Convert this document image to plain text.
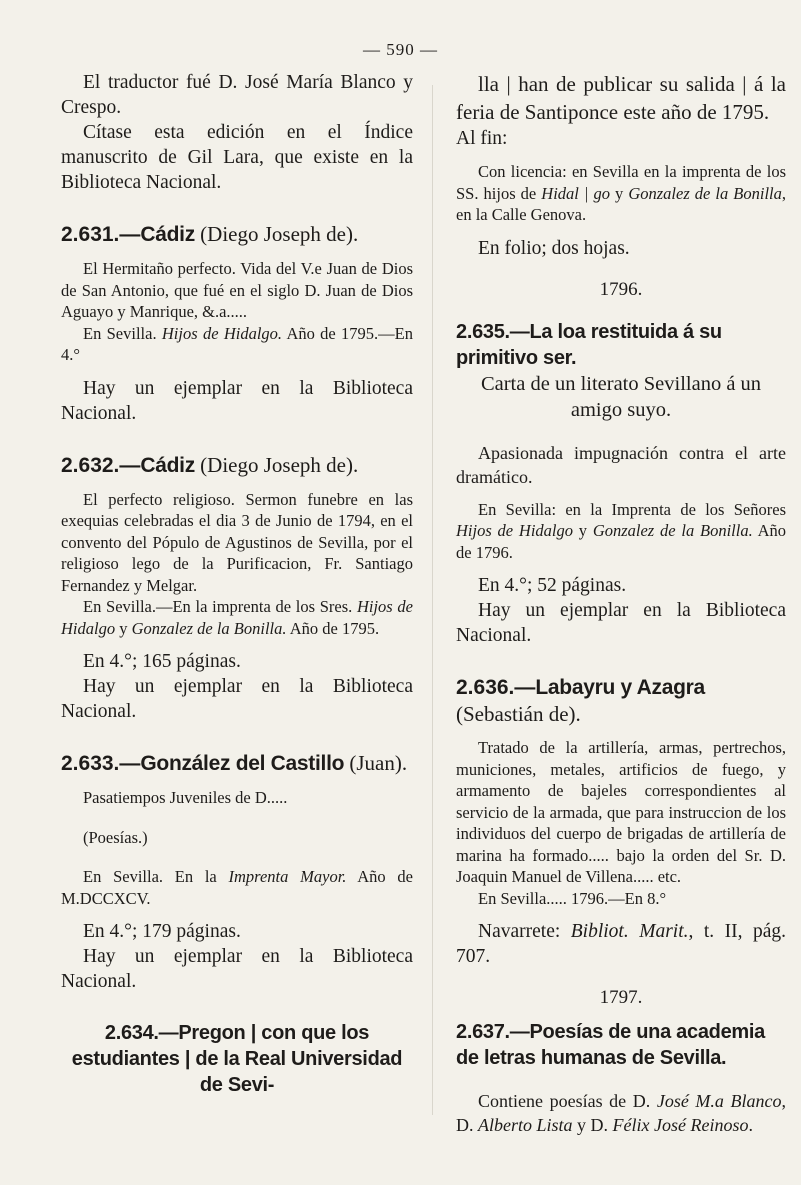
— 590 —

El traductor fué D. José María Blanco y Crespo.

Cítase esta edición en el Índice manuscrito de Gil Lara, que existe en la Biblioteca Nacional.

2.631.—Cádiz (Diego Joseph de).

El Hermitaño perfecto. Vida del V.e Juan de Dios de San Antonio, que fué en el siglo D. Juan de Dios Aguayo y Manrique, &.a.....

En Sevilla. Hijos de Hidalgo. Año de 1795.—En 4.°

Hay un ejemplar en la Biblioteca Nacional.

2.632.—Cádiz (Diego Joseph de).

El perfecto religioso. Sermon funebre en las exequias celebradas el dia 3 de Junio de 1794, en el convento del Pópulo de Agustinos de Sevilla, por el religioso lego de la Purificacion, Fr. Santiago Fernandez y Melgar.

En Sevilla.—En la imprenta de los Sres. Hijos de Hidalgo y Gonzalez de la Bonilla. Año de 1795.

En 4.°; 165 páginas.

Hay un ejemplar en la Biblioteca Nacional.

2.633.—González del Castillo (Juan).

Pasatiempos Juveniles de D.....

(Poesías.)

En Sevilla. En la Imprenta Mayor. Año de M.DCCXCV.

En 4.°; 179 páginas.

Hay un ejemplar en la Biblioteca Nacional.

2.634.—Pregon | con que los estudiantes | de la Real Universidad de Sevi-

lla | han de publicar su salida | á la feria de Santiponce este año de 1795.

Al fin:

Con licencia: en Sevilla en la imprenta de los SS. hijos de Hidal | go y Gonzalez de la Bonilla, en la Calle Genova.

En folio; dos hojas.

1796.

2.635.—La loa restituida á su primitivo ser.

Carta de un literato Sevillano á un amigo suyo.

Apasionada impugnación contra el arte dramático.

En Sevilla: en la Imprenta de los Señores Hijos de Hidalgo y Gonzalez de la Bonilla. Año de 1796.

En 4.°; 52 páginas.

Hay un ejemplar en la Biblioteca Nacional.

2.636.—Labayru y Azagra (Sebastián de).

Tratado de la artillería, armas, pertrechos, municiones, metales, artificios de fuego, y armamento de bajeles correspondientes al servicio de la armada, que para instruccion de los individuos del cuerpo de brigadas de artillería de marina ha formado..... bajo la orden del Sr. D. Joaquin Manuel de Villena..... etc.

En Sevilla..... 1796.—En 8.°

Navarrete: Bibliot. Marit., t. II, pág. 707.

1797.

2.637.—Poesías de una academia de letras humanas de Sevilla.

Contiene poesías de D. José M.a Blanco, D. Alberto Lista y D. Félix José Reinoso.
